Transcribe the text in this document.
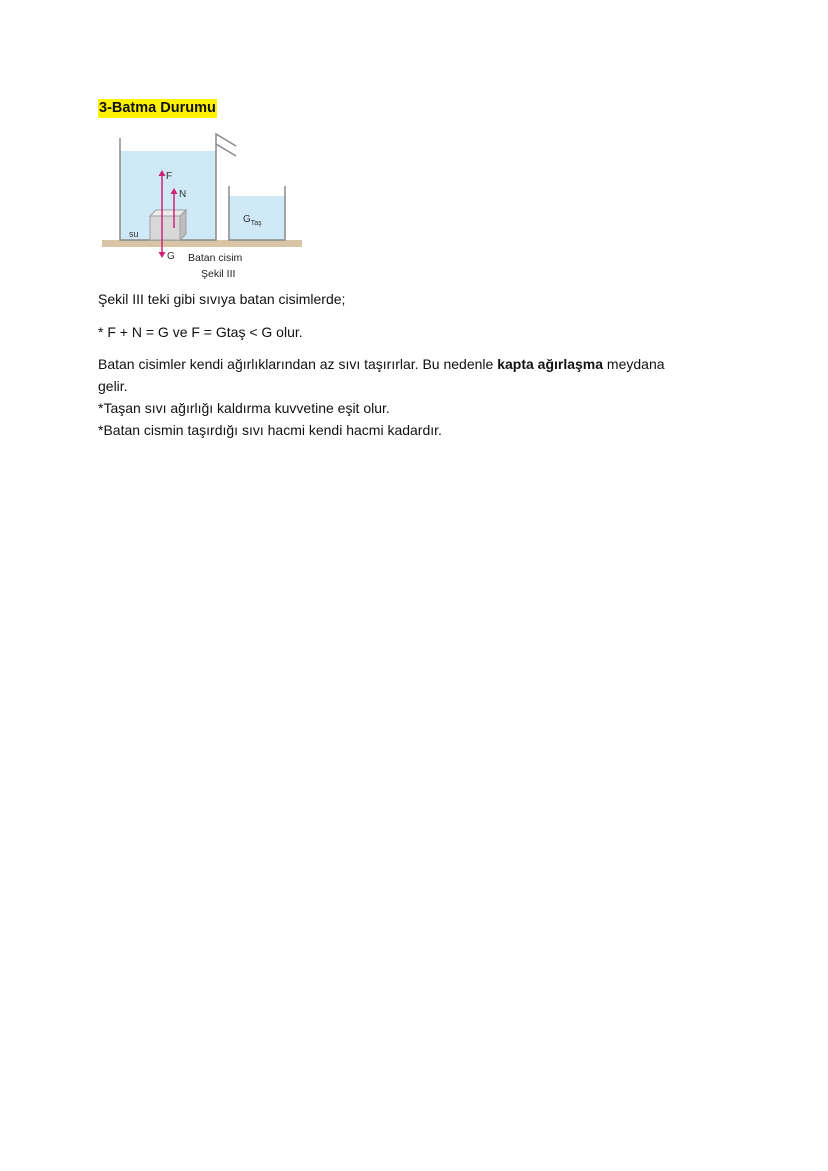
3-Batma Durumu
F
N
G
su
$G_{Taş}$
Batan cisim
Şekil III
Şekil III teki gibi sıvıya batan cisimlerde;
* F + N = G ve F = Gtaş < G olur.
Batan cisimler kendi ağırlıklarından az sıvı taşırırlar. Bu nedenle kapta ağırlaşma meydana
gelir.
*Taşan sıvı ağırlığı kaldırma kuvvetine eşit olur.
*Batan cismin taşırdığı sıvı hacmi kendi hacmi kadardır.
